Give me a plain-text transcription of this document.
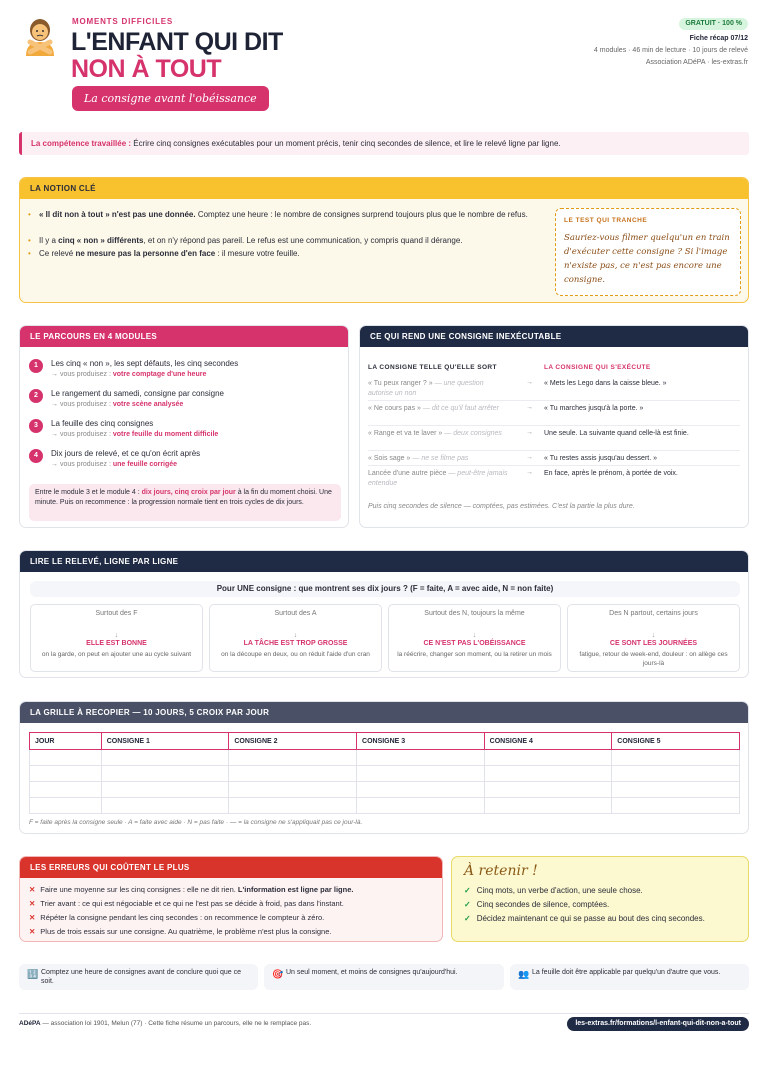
MOMENTS DIFFICILES
L'ENFANT QUI DIT
NON À TOUT
La consigne avant l'obéissance
GRATUIT · 100 %
Fiche récap 07/12
4 modules · 46 min de lecture · 10 jours de relevé
Association ADéPA · les-extras.fr
La compétence travaillée : Écrire cinq consignes exécutables pour un moment précis, tenir cinq secondes de silence, et lire le relevé ligne par ligne.
LA NOTION CLÉ
• « Il dit non à tout » n'est pas une donnée. Comptez une heure : le nombre de consignes surprend toujours plus que le nombre de refus.
• Il y a cinq « non » différents, et on n'y répond pas pareil. Le refus est une communication, y compris quand il dérange.
• Ce relevé ne mesure pas la personne d'en face : il mesure votre feuille.
LE TEST QUI TRANCHE
Sauriez-vous filmer quelqu'un en train d'exécuter cette consigne ? Si l'image n'existe pas, ce n'est pas encore une consigne.
LE PARCOURS EN 4 MODULES
1	Les cinq « non », les sept défauts, les cinq secondes
→ vous produisez : votre comptage d'une heure
2	Le rangement du samedi, consigne par consigne
→ vous produisez : votre scène analysée
3	La feuille des cinq consignes
→ vous produisez : votre feuille du moment difficile
4	Dix jours de relevé, et ce qu'on écrit après
→ vous produisez : une feuille corrigée
Entre le module 3 et le module 4 : dix jours, cinq croix par jour à la fin du moment choisi. Une minute. Puis on recommence : la progression normale tient en trois cycles de dix jours.
CE QUI REND UNE CONSIGNE INEXÉCUTABLE
LA CONSIGNE TELLE QU'ELLE SORT	LA CONSIGNE QUI S'EXÉCUTE
« Tu peux ranger ? » — une question autorise un non
→ « Mets les Lego dans la caisse bleue. »
« Ne cours pas » — dit ce qu'il faut arrêter	→ « Tu marches jusqu'à la porte. »
« Range et va te laver » — deux consignes	→ Une seule. La suivante quand celle-là est finie.
« Sois sage » — ne se filme pas	→ « Tu restes assis jusqu'au dessert. »
Lancée d'une autre pièce — peut-être jamais entendue
→ En face, après le prénom, à portée de voix.
Puis cinq secondes de silence — comptées, pas estimées. C'est la partie la plus dure.
LIRE LE RELEVÉ, LIGNE PAR LIGNE
Pour UNE consigne : que montrent ses dix jours ? (F = faite, A = avec aide, N = non faite)
Surtout des F
↓
ELLE EST BONNE
on la garde, on peut en ajouter une au cycle suivant
Surtout des A
↓
LA TÂCHE EST TROP GROSSE
on la découpe en deux, ou on réduit l'aide d'un cran
Surtout des N, toujours la même
↓
CE N'EST PAS L'OBÉISSANCE
la réécrire, changer son moment, ou la retirer un mois
Des N partout, certains jours
↓
CE SONT LES JOURNÉES
fatigue, retour de week-end, douleur : on allège ces jours-là
LA GRILLE À RECOPIER — 10 JOURS, 5 CROIX PAR JOUR
JOUR	CONSIGNE 1	CONSIGNE 2	CONSIGNE 3	CONSIGNE 4	CONSIGNE 5

F = faite après la consigne seule · A = faite avec aide · N = pas faite · — = la consigne ne s'appliquait pas ce jour-là.
LES ERREURS QUI COÛTENT LE PLUS
✕ Faire une moyenne sur les cinq consignes : elle ne dit rien. L'information est ligne par ligne.
✕ Trier avant : ce qui est négociable et ce qui ne l'est pas se décide à froid, pas dans l'instant.
✕ Répéter la consigne pendant les cinq secondes : on recommence le compteur à zéro.
✕ Plus de trois essais sur une consigne. Au quatrième, le problème n'est plus la consigne.
À retenir !
✓ Cinq mots, un verbe d'action, une seule chose.
✓ Cinq secondes de silence, comptées.
✓ Décidez maintenant ce qui se passe au bout des cinq secondes.
🔢 Comptez une heure de consignes avant de conclure quoi que ce soit.
🎯 Un seul moment, et moins de consignes qu'aujourd'hui.	👥 La feuille doit être applicable par quelqu'un d'autre que vous.
ADéPA — association loi 1901, Melun (77) · Cette fiche résume un parcours, elle ne le remplace pas.	les-extras.fr/formations/l-enfant-qui-dit-non-a-tout
